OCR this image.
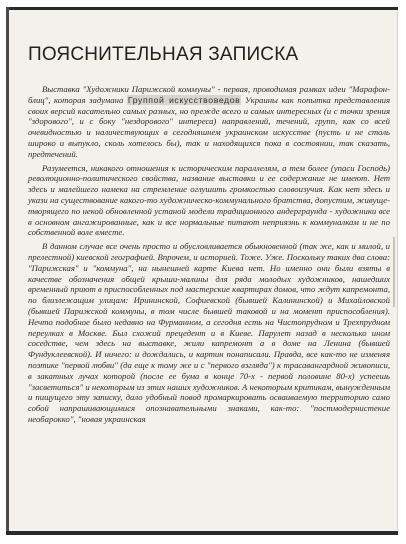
ПОЯСНИТЕЛЬНАЯ ЗАПИСКА

Выставка "Художники Парижской коммуны" - первая, проводимая рамках идеи "Марафон-блиц", которая задумана Группой искусствоведов Украины как попытка представления своих версий касательно самых разных, но прежде всего и самых интересных (и с точки зрения "здорового", и с боку "нездорового" интереса) направлений, течений, групп, как со всей очевидностью и наличествующих в сегодняшнем украинском искусстве (пусть и не столь широко и выпукло, сколь хотелось бы), так и находящихся пока в состоянии, так сказать, предтечений.

Разумеется, никакого отношения к историческим параллелям, а тем более (упаси Господь) революционно-политического свойства, название выставки и ее содержание не имеют. Нет здесь и малейшего намека на стремление оглушить громкостью словоизучия. Как нет здесь и укази на существование какого-то художническо-коммунального братства, допустим, живуще-творящего по некой обновленной устаной модели традиционного андерграунда - художники все в основном ангажированные, как и все нормальные питают неприязнь к коммуналкам и не по собственной воле вместе.

В данном случае все очень просто и обусловливается обыкновенной (так же, как и милой, и прелестной) киевской географией. Впрочем, и историей. Тоже. Уже. Поскольку таких два слова: "Парижская" и "коммуна", на нынешней карте Киева нет. Но именно они были взяты в качестве обозначения общей крыши-малины для ряда молодых художников, нашедших временный приют в приспособленных под мастерские квартирах домов, что ждут капремонта, по близлежащим улицам: Ирининской, Софиевской (бывшей Калининской) и Михайловской (бывшей Парижской коммуны, в том числе бывшей таковой и на момент приспособления). Нечто подобное было недавно на Фурманном, а сегодня есть на Чистопрудном и Трехпрудном переулках в Москве. Был схожий прецедент и в Киеве. Парулет назад в несколько ином соседстве, чем здесь на выставке, жили капремонт а в доме на Ленина (бывшей Фундуклеевской). И ничего: и дождались, и картин понаписали. Правда, все как-то не изменяя поэтике "первой любви" (да еще к тому же и с "первого взгляда") к трасавангардной живописи, в закатных лучах которой (после ее бума в конце 70-х - первой половине 80-х) успеешь "засветиться" и некоторым из этих наших художников. А некоторым критикам, вынужденным и пищущего эту записку, дало удобный повод промаркировать осваиваемую территорию само собой напрашивающимися опознавательными знаками, как-то: "постмодернистекие необарокко", "новая украинская
